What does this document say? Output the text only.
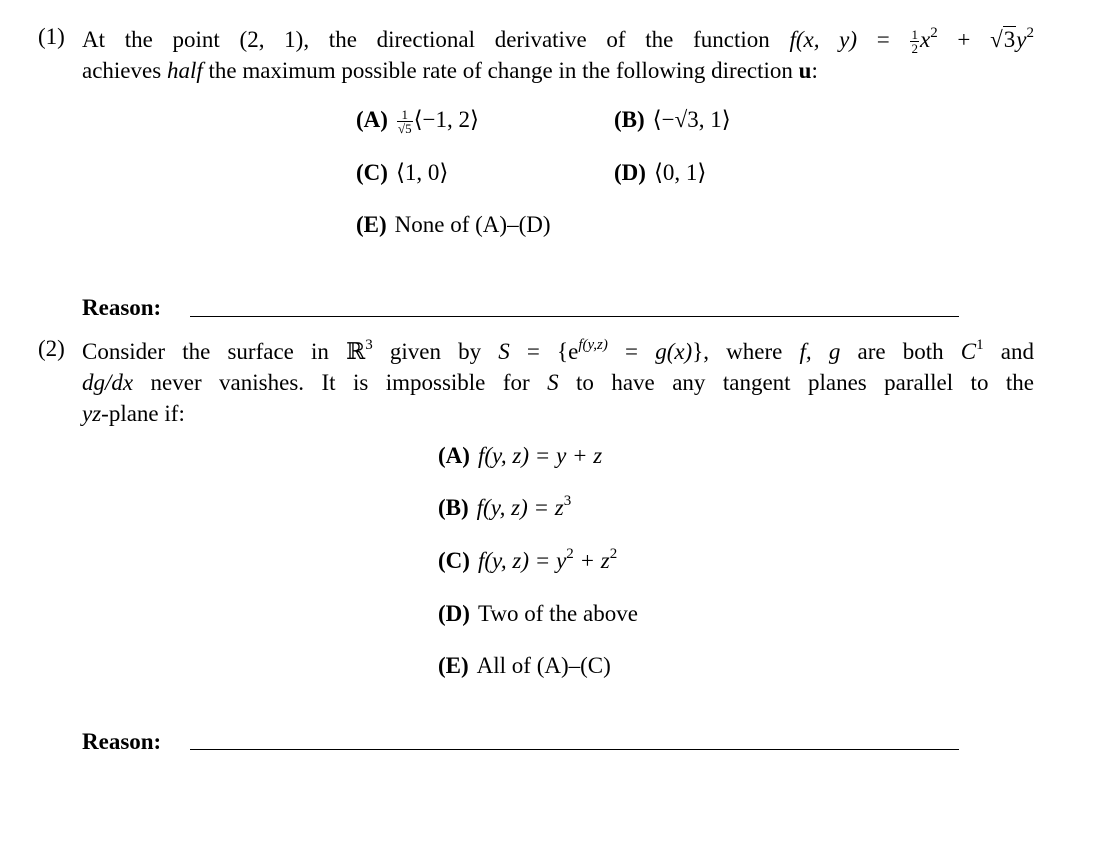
(1) At the point (2, 1), the directional derivative of the function f(x, $y) = \frac{1}{2} x^2 + √3y^2$
achieves half the maximum possible rate of change in the following direction u:
$(A) \frac{1}{√5}$ ⟨−1, 2⟩	(B) ⟨−√3, 1⟩
(C) ⟨1, 0⟩	(D) ⟨0, 1⟩
(E) None of (A)–(D)
Reason:
(2) Consider the surface in ℝ$^3$ given by $S = \{e^{f(y,z)} = g(x)\}$, where f, g are both $C^1$ and
dg/dx never vanishes. It is impossible for S to have any tangent planes parallel to the
yz-plane if:
(A) f(y, z) = y + z
(B) f(y, $z) = z^3$
(C) f(y, $z) = y^2 + z^2$
(D) Two of the above
(E) All of (A)–(C)
Reason:
